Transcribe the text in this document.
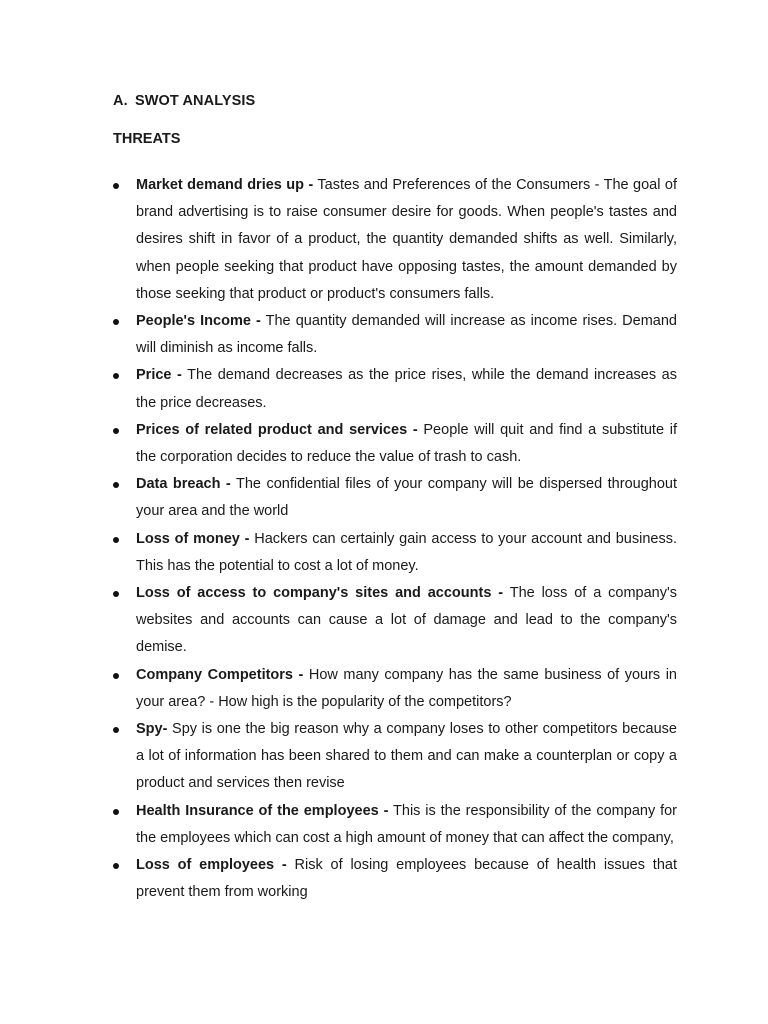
A. SWOT ANALYSIS
THREATS
Market demand dries up - Tastes and Preferences of the Consumers - The goal of brand advertising is to raise consumer desire for goods. When people's tastes and desires shift in favor of a product, the quantity demanded shifts as well. Similarly, when people seeking that product have opposing tastes, the amount demanded by those seeking that product or product's consumers falls.
People's Income - The quantity demanded will increase as income rises. Demand will diminish as income falls.
Price - The demand decreases as the price rises, while the demand increases as the price decreases.
Prices of related product and services - People will quit and find a substitute if the corporation decides to reduce the value of trash to cash.
Data breach - The confidential files of your company will be dispersed throughout your area and the world
Loss of money - Hackers can certainly gain access to your account and business. This has the potential to cost a lot of money.
Loss of access to company's sites and accounts - The loss of a company's websites and accounts can cause a lot of damage and lead to the company's demise.
Company Competitors - How many company has the same business of yours in your area? - How high is the popularity of the competitors?
Spy- Spy is one the big reason why a company loses to other competitors because a lot of information has been shared to them and can make a counterplan or copy a product and services then revise
Health Insurance of the employees - This is the responsibility of the company for the employees which can cost a high amount of money that can affect the company,
Loss of employees - Risk of losing employees because of health issues that prevent them from working
